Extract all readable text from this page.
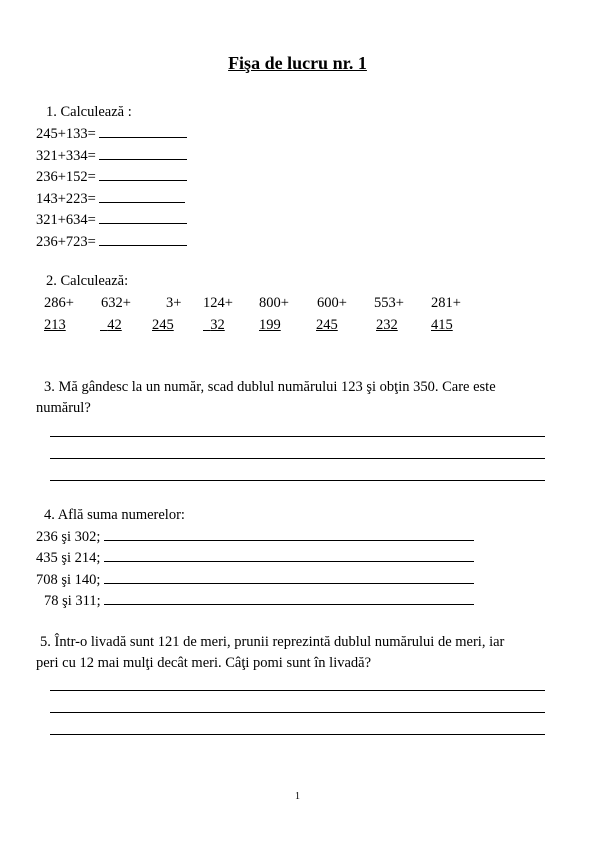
Fişa de lucru nr. 1
1. Calculează :
245+133=
321+334=
236+152=
143+223=
321+634=
236+723=
2. Calculează:
286+ 632+ 3+ 124+ 800+ 600+ 553+ 281+
213	42 245	32 199 245	232 415
3. Mă gândesc la un număr, scad dublul numărului 123 şi obţin 350. Care este
numărul?
4. Află suma numerelor:
236 şi 302;
435 şi 214;
708 şi 140;
78 şi 311;
5. Într-o livadă sunt 121 de meri, prunii reprezintă dublul numărului de meri, iar
peri cu 12 mai mulţi decât meri. Câţi pomi sunt în livadă?
1
